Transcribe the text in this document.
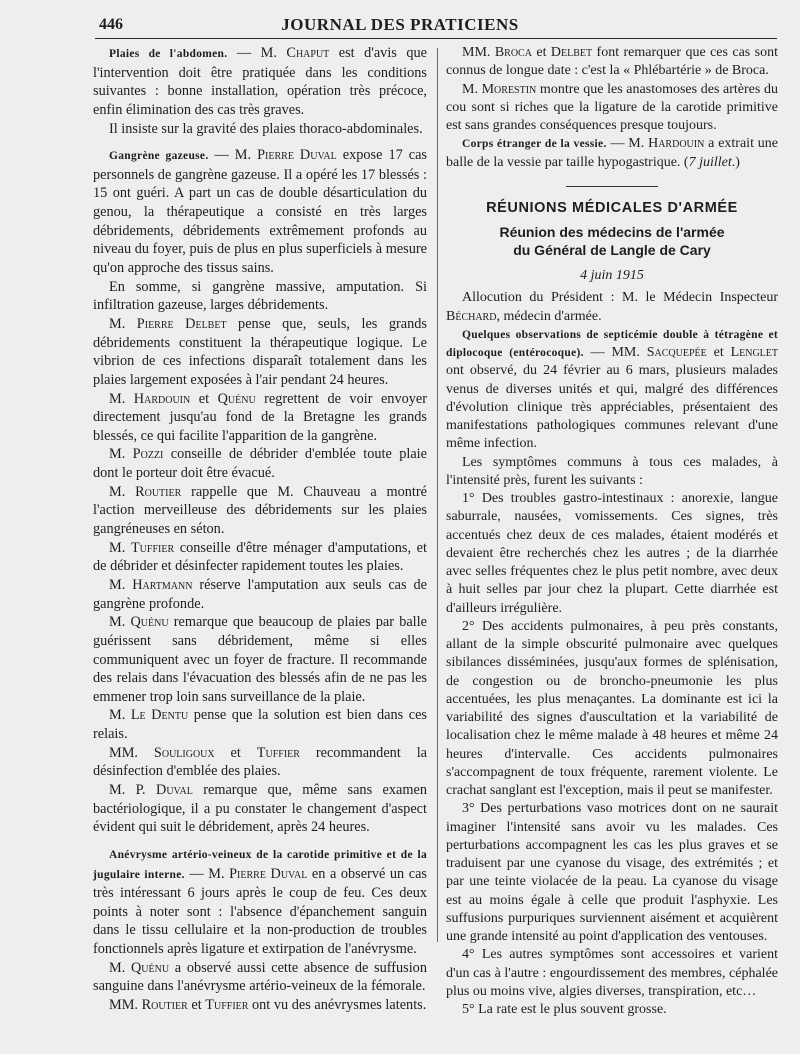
446	JOURNAL DES PRATICIENS

Plaies de l'abdomen. — M. Chaput est d'avis que l'intervention doit être pratiquée dans les conditions suivantes : bonne installation, opération très précoce, enfin élimination des cas très graves.

Il insiste sur la gravité des plaies thoraco-abdominales.

Gangrène gazeuse. — M. Pierre Duval expose 17 cas personnels de gangrène gazeuse. Il a opéré les 17 blessés : 15 ont guéri. A part un cas de double désarticulation du genou, la thérapeutique a consisté en très larges débridements, débridements extrêmement profonds au niveau du foyer, puis de plus en plus superficiels à mesure qu'on approche des tissus sains.

En somme, si gangrène massive, amputation. Si infiltration gazeuse, larges débridements.

M. Pierre Delbet pense que, seuls, les grands débridements constituent la thérapeutique logique. Le vibrion de ces infections disparaît totalement dans les plaies largement exposées à l'air pendant 24 heures.

M. Hardouin et Quénu regrettent de voir envoyer directement jusqu'au fond de la Bretagne les grands blessés, ce qui facilite l'apparition de la gangrène.

M. Pozzi conseille de débrider d'emblée toute plaie dont le porteur doit être évacué.

M. Routier rappelle que M. Chauveau a montré l'action merveilleuse des débridements sur les plaies gangréneuses en séton.

M. Tuffier conseille d'être ménager d'amputations, et de débrider et désinfecter rapidement toutes les plaies.

M. Hartmann réserve l'amputation aux seuls cas de gangrène profonde.

M. Quénu remarque que beaucoup de plaies par balle guérissent sans débridement, même si elles communiquent avec un foyer de fracture. Il recommande des relais dans l'évacuation des blessés afin de ne pas les emmener trop loin sans surveillance de la plaie.

M. Le Dentu pense que la solution est bien dans ces relais.

MM. Souligoux et Tuffier recommandent la désinfection d'emblée des plaies.

M. P. Duval remarque que, même sans examen bactériologique, il a pu constater le changement d'aspect évident qui suit le débridement, après 24 heures.

Anévrysme artério-veineux de la carotide primitive et de la jugulaire interne. — M. Pierre Duval en a observé un cas très intéressant 6 jours après le coup de feu. Ces deux points à noter sont : l'absence d'épanchement sanguin dans le tissu cellulaire et la non-production de troubles fonctionnels après ligature et extirpation de l'anévrysme.

M. Quénu a observé aussi cette absence de suffusion sanguine dans l'anévrysme artério-veineux de la fémorale.

MM. Routier et Tuffier ont vu des anévrysmes latents.

MM. Broca et Delbet font remarquer que ces cas sont connus de longue date : c'est la « Phlébartérie » de Broca.

M. Morestin montre que les anastomoses des artères du cou sont si riches que la ligature de la carotide primitive est sans grandes conséquences presque toujours.

Corps étranger de la vessie. — M. Hardouin a extrait une balle de la vessie par taille hypogastrique. (7 juillet.)

RÉUNIONS MÉDICALES D'ARMÉE
Réunion des médecins de l'armée
du Général de Langle de Cary
4 juin 1915

Allocution du Président : M. le Médecin Inspecteur Béchard, médecin d'armée.

Quelques observations de septicémie double à tétragène et diplocoque (entérocoque). — MM. Sacquepée et Lenglet ont observé, du 24 février au 6 mars, plusieurs malades venus de diverses unités et qui, malgré des différences d'évolution clinique très appréciables, présentaient des manifestations pathologiques communes relevant d'une même infection.

Les symptômes communs à tous ces malades, à l'intensité près, furent les suivants :

1° Des troubles gastro-intestinaux : anorexie, langue saburrale, nausées, vomissements. Ces signes, très accentués chez deux de ces malades, étaient modérés et devaient être recherchés chez les autres ; de la diarrhée avec selles fréquentes chez le plus petit nombre, avec deux à huit selles par jour chez la plupart. Cette diarrhée est d'ailleurs irrégulière.

2° Des accidents pulmonaires, à peu près constants, allant de la simple obscurité pulmonaire avec quelques sibilances disséminées, jusqu'aux formes de splénisation, de congestion ou de broncho-pneumonie les plus accentuées, les plus menaçantes. La dominante est ici la variabilité des signes d'auscultation et la variabilité de localisation chez le même malade à 48 heures et même 24 heures d'intervalle. Ces accidents pulmonaires s'accompagnent de toux fréquente, rarement violente. Le crachat sanglant est l'exception, mais il peut se manifester.

3° Des perturbations vaso motrices dont on ne saurait imaginer l'intensité sans avoir vu les malades. Ces perturbations accompagnent les cas les plus graves et se traduisent par une cyanose du visage, des extrémités ; et par une teinte violacée de la peau. La cyanose du visage est au moins égale à celle que produit l'asphyxie. Les suffusions purpuriques surviennent aisément et acquièrent une grande intensité au point d'application des ventouses.

4° Les autres symptômes sont accessoires et varient d'un cas à l'autre : engourdissement des membres, céphalée plus ou moins vive, algies diverses, transpiration, etc…

5° La rate est le plus souvent grosse.
